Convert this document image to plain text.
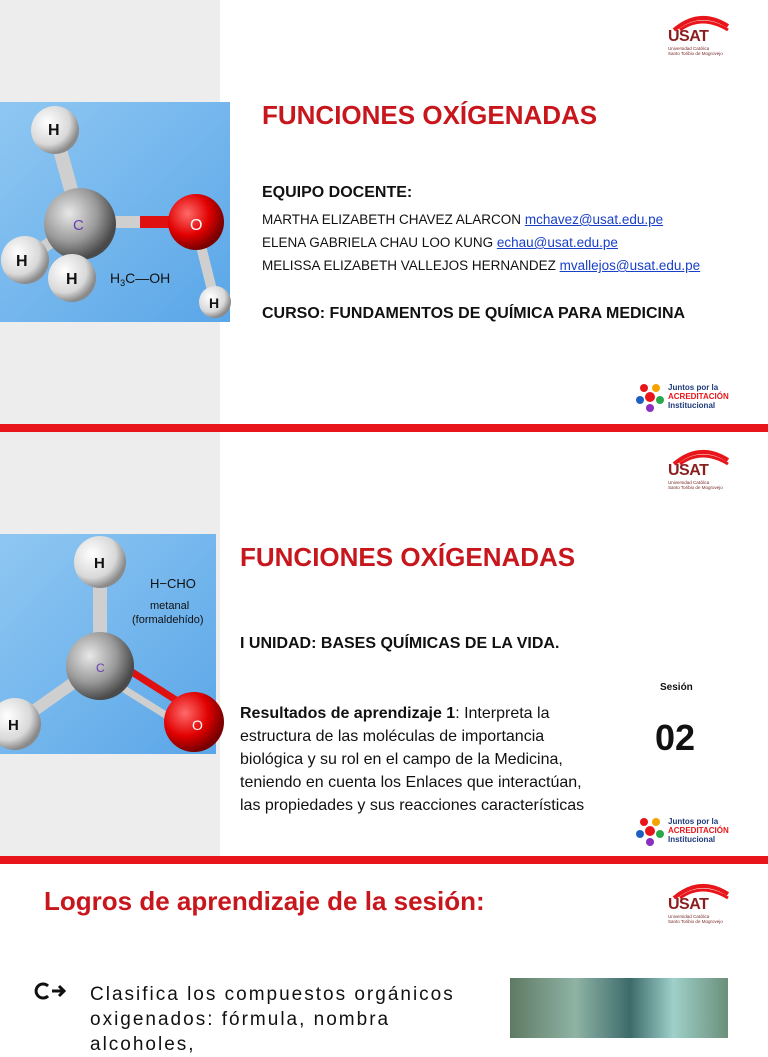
H
C	O
H
H
H
$H_3C—OH$
USAT
Universidad Católica
Santo Toribio de Mogrovejo
FUNCIONES OXÍGENADAS
EQUIPO DOCENTE:
MARTHA ELIZABETH CHAVEZ ALARCON mchavez@usat.edu.pe
ELENA GABRIELA CHAU LOO KUNG echau@usat.edu.pe
MELISSA ELIZABETH VALLEJOS HERNANDEZ mvallejos@usat.edu.pe
CURSO: FUNDAMENTOS DE QUÍMICA PARA MEDICINA
Juntos por la
ACREDITACIÓN
Institucional
H
C
O
H
H−CHO
metanal
(formaldehído)
USAT
Universidad Católica
Santo Toribio de Mogrovejo
FUNCIONES OXÍGENADAS
I UNIDAD: BASES QUÍMICAS DE LA VIDA.
Resultados de aprendizaje 1: Interpreta la estructura de las moléculas de importancia biológica y su rol en el campo de la Medicina, teniendo en cuenta los Enlaces que interactúan, las propiedades y sus reacciones características
Sesión
02
Juntos por la
ACREDITACIÓN
Institucional
Logros de aprendizaje de la sesión:	USAT
Universidad Católica
Santo Toribio de Mogrovejo
Clasifica los compuestos orgánicos oxigenados: fórmula, nombra alcoholes,
